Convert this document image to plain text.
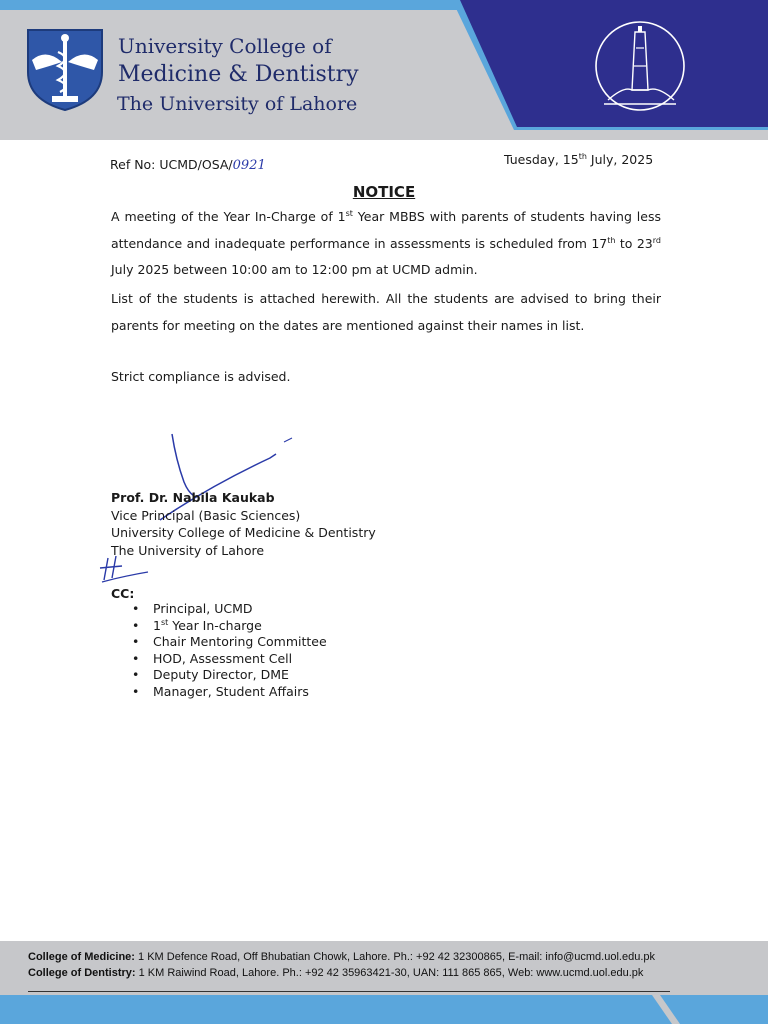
University College of
Medicine & Dentistry
The University of Lahore
Ref No: UCMD/OSA/0921	Tuesday, 15th July, 2025
NOTICE
A meeting of the Year In-Charge of 1st Year MBBS with parents of students having less attendance and inadequate performance in assessments is scheduled from 17th to 23rd July 2025 between 10:00 am to 12:00 pm at UCMD admin.
List of the students is attached herewith. All the students are advised to bring their parents for meeting on the dates are mentioned against their names in list.
Strict compliance is advised.
Prof. Dr. Nabila Kaukab
Vice Principal (Basic Sciences)
University College of Medicine & Dentistry
The University of Lahore
CC:
• Principal, UCMD
• 1st Year In-charge
• Chair Mentoring Committee
• HOD, Assessment Cell
• Deputy Director, DME
• Manager, Student Affairs
College of Medicine: 1 KM Defence Road, Off Bhubatian Chowk, Lahore. Ph.: +92 42 32300865, E-mail: info@ucmd.uol.edu.pk
College of Dentistry: 1 KM Raiwind Road, Lahore. Ph.: +92 42 35963421-30, UAN: 111 865 865, Web: www.ucmd.uol.edu.pk
